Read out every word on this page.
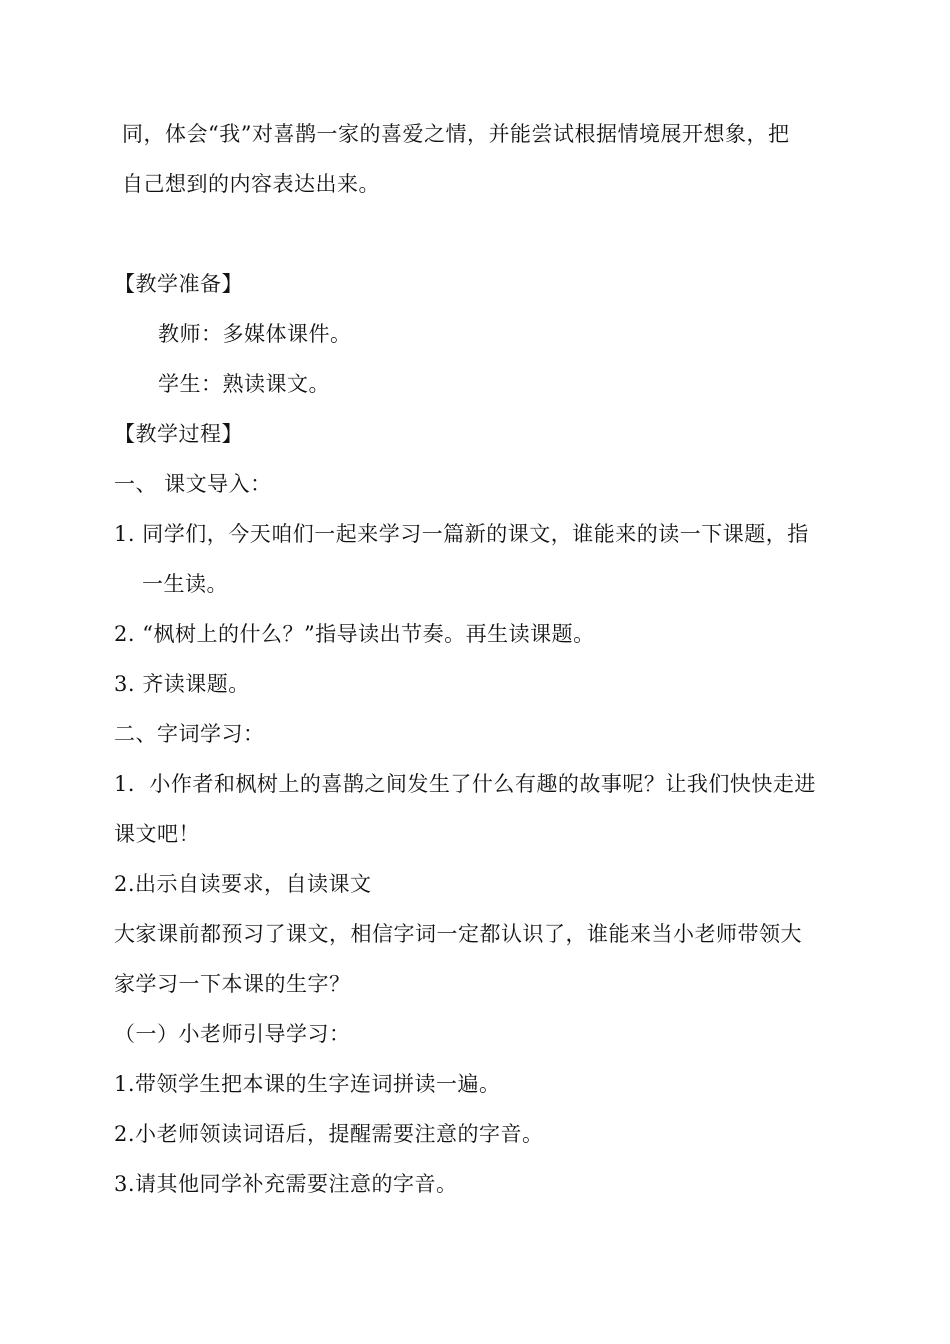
同，体会“我”对喜鹊一家的喜爱之情，并能尝试根据情境展开想象，把
自己想到的内容表达出来。
【教学准备】
教师：多媒体课件。
学生：熟读课文。
【教学过程】
一、 课文导入：
1. 同学们，今天咱们一起来学习一篇新的课文，谁能来的读一下课题，指
一生读。
2. “枫树上的什么？”指导读出节奏。再生读课题。
3. 齐读课题。
二、字词学习：
1．小作者和枫树上的喜鹊之间发生了什么有趣的故事呢？让我们快快走进
课文吧！
2.出示自读要求，自读课文
大家课前都预习了课文，相信字词一定都认识了，谁能来当小老师带领大
家学习一下本课的生字？
（一）小老师引导学习：
1.带领学生把本课的生字连词拼读一遍。
2.小老师领读词语后，提醒需要注意的字音。
3.请其他同学补充需要注意的字音。
